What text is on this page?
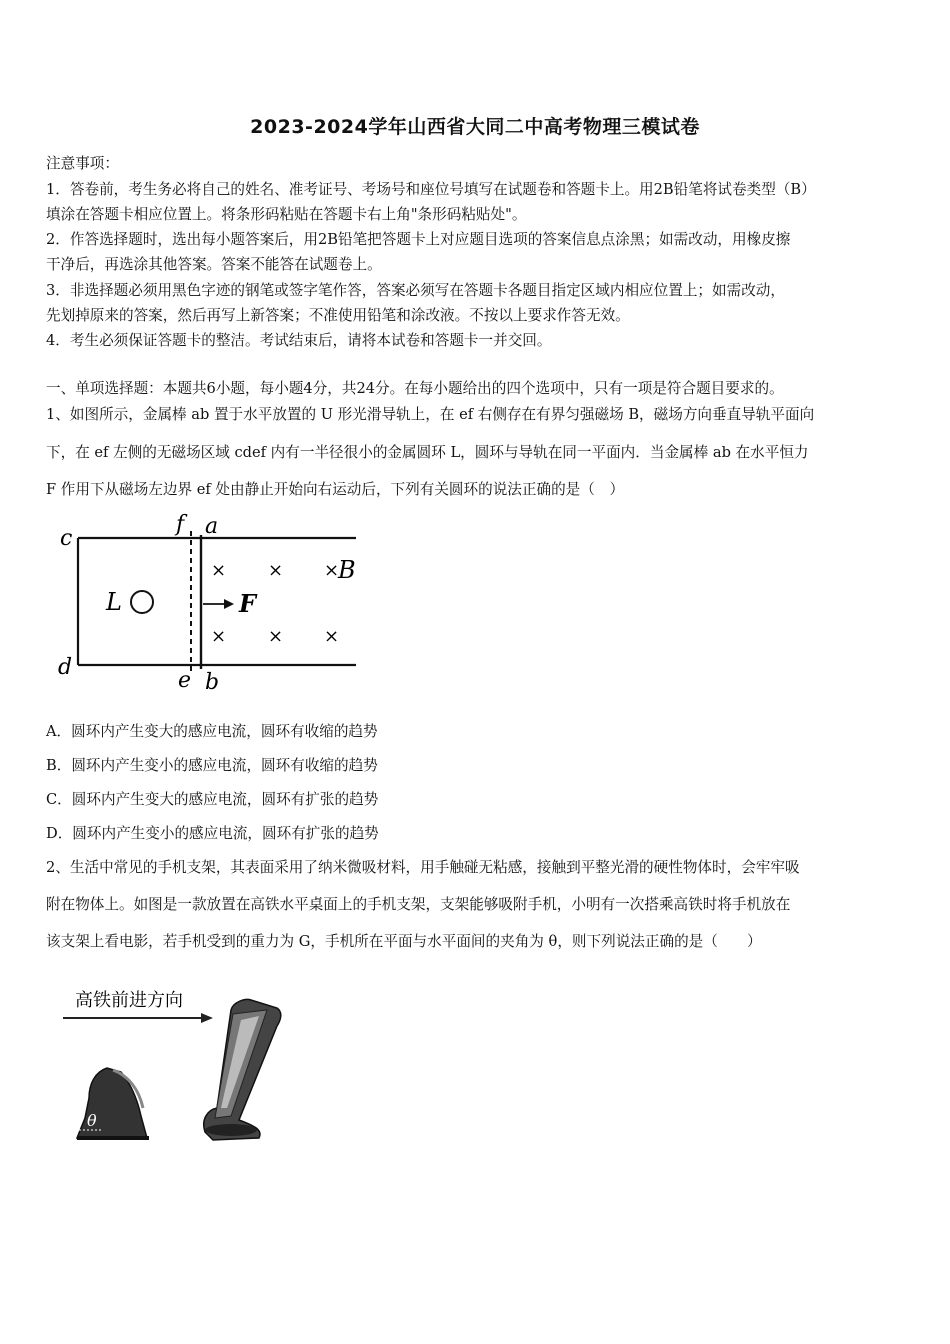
2023-2024学年山西省大同二中高考物理三模试卷
注意事项：
1．答卷前，考生务必将自己的姓名、准考证号、考场号和座位号填写在试题卷和答题卡上。用2B铅笔将试卷类型（B）
填涂在答题卡相应位置上。将条形码粘贴在答题卡右上角"条形码粘贴处"。
2．作答选择题时，选出每小题答案后，用2B铅笔把答题卡上对应题目选项的答案信息点涂黑；如需改动，用橡皮擦
干净后，再选涂其他答案。答案不能答在试题卷上。
3．非选择题必须用黑色字迹的钢笔或签字笔作答，答案必须写在答题卡各题目指定区域内相应位置上；如需改动，
先划掉原来的答案，然后再写上新答案；不准使用铅笔和涂改液。不按以上要求作答无效。
4．考生必须保证答题卡的整洁。考试结束后，请将本试卷和答题卡一并交回。
一、单项选择题：本题共6小题，每小题4分，共24分。在每小题给出的四个选项中，只有一项是符合题目要求的。
1、如图所示，金属棒 ab 置于水平放置的 U 形光滑导轨上，在 ef 右侧存在有界匀强磁场 B，磁场方向垂直导轨平面向
下，在 ef 左侧的无磁场区域 cdef 内有一半径很小的金属圆环 L，圆环与导轨在同一平面内．当金属棒 ab 在水平恒力
F 作用下从磁场左边界 ef 处由静止开始向右运动后，下列有关圆环的说法正确的是（　）
c
d
f a
e b
L	F
B
× × ×
× × ×
A．圆环内产生变大的感应电流，圆环有收缩的趋势
B．圆环内产生变小的感应电流，圆环有收缩的趋势
C．圆环内产生变大的感应电流，圆环有扩张的趋势
D．圆环内产生变小的感应电流，圆环有扩张的趋势
2、生活中常见的手机支架，其表面采用了纳米微吸材料，用手触碰无粘感，接触到平整光滑的硬性物体时，会牢牢吸
附在物体上。如图是一款放置在高铁水平桌面上的手机支架，支架能够吸附手机，小明有一次搭乘高铁时将手机放在
该支架上看电影，若手机受到的重力为 G，手机所在平面与水平面间的夹角为 θ，则下列说法正确的是（　　）
高铁前进方向
θ
